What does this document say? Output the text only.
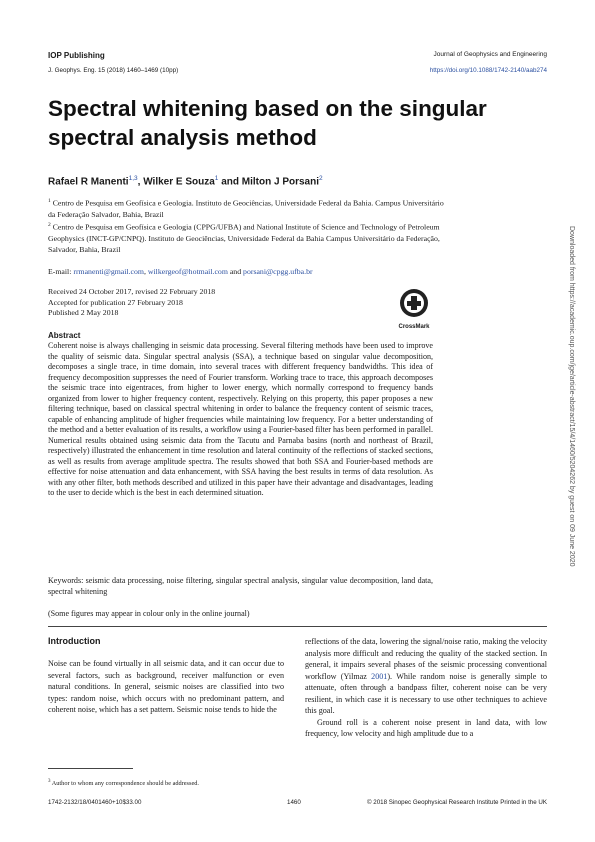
IOP Publishing	Journal of Geophysics and Engineering
J. Geophys. Eng. 15 (2018) 1460–1469 (10pp)	https://doi.org/10.1088/1742-2140/aab274
Spectral whitening based on the singular spectral analysis method
Rafael R Manenti$^{1,3}$, Wilker E Souza$^1$ and Milton J Porsani$^2$
$^1$ Centro de Pesquisa em Geofísica e Geologia. Instituto de Geociências, Universidade Federal da Bahia. Campus Universitário da Federação Salvador, Bahia, Brazil
$^2$ Centro de Pesquisa em Geofísica e Geologia (CPPG/UFBA) and National Institute of Science and Technology of Petroleum Geophysics (INCT-GP/CNPQ). Instituto de Geociências, Universidade Federal da Bahia Campus Universitário da Federação, Salvador, Bahia, Brazil
E-mail: rrmanenti@gmail.com, wilkergeof@hotmail.com and porsani@cpgg.ufba.br
Received 24 October 2017, revised 22 February 2018
Accepted for publication 27 February 2018
Published 2 May 2018
CrossMark
Abstract
Coherent noise is always challenging in seismic data processing. Several filtering methods have been used to improve the quality of seismic data. Singular spectral analysis (SSA), a technique based on singular value decomposition, decomposes a single trace, in time domain, into several traces with different frequency bandwidths. This idea of frequency decomposition suppresses the need of Fourier transform. Working trace to trace, this approach decomposes the seismic trace into eigentraces, from higher to lower energy, which normally correspond to frequency bands organized from lower to higher frequency content, respectively. Relying on this property, this paper proposes a new filtering technique, based on classical spectral whitening in order to balance the frequency content of seismic traces, capable of enhancing amplitude of higher frequencies while maintaining low frequency. For a better understanding of the method and a better evaluation of its results, a workflow using a Fourier-based filter has been performed in parallel. Numerical results obtained using seismic data from the Tacutu and Parnaba basins (north and northeast of Brazil, respectively) illustrated the enhancement in time resolution and lateral continuity of the reflections of stacked sections, as well as results from average amplitude spectra. The results showed that both SSA and Fourier-based methods are effective for noise attenuation and data enhancement, with SSA having the best results in terms of data resolution. As with any other filter, both methods described and utilized in this paper have their advantage and disadvantages, leading to the user to decide which is the best in each determined situation.
Keywords: seismic data processing, noise filtering, singular spectral analysis, singular value decomposition, land data, spectral whitening
(Some figures may appear in colour only in the online journal)
Introduction

Noise can be found virtually in all seismic data, and it can occur due to several factors, such as background, receiver malfunction or even natural conditions. In general, seismic noises are classified into two types: random noise, which occurs with no predominant pattern, and coherent noise, which has a set pattern. Seismic noise tends to hide the

reflections of the data, lowering the signal/noise ratio, making the velocity analysis more difficult and reducing the quality of the stacked section. In general, it impairs several phases of the seismic processing conventional workflow (Yilmaz 2001). While random noise is generally simple to attenuate, often through a bandpass filter, coherent noise can be very resilient, in which case it is necessary to use other techniques to achieve this goal.

Ground roll is a coherent noise present in land data, with low frequency, low velocity and high amplitude due to a

$^3$ Author to whom any correspondence should be addressed.
1742-2132/18/0401460+10$33.00	1460	© 2018 Sinopec Geophysical Research Institute Printed in the UK
Downloaded from https://academic.oup.com/jge/article-abstract/15/4/1460/5204262 by guest on 09 June 2020
